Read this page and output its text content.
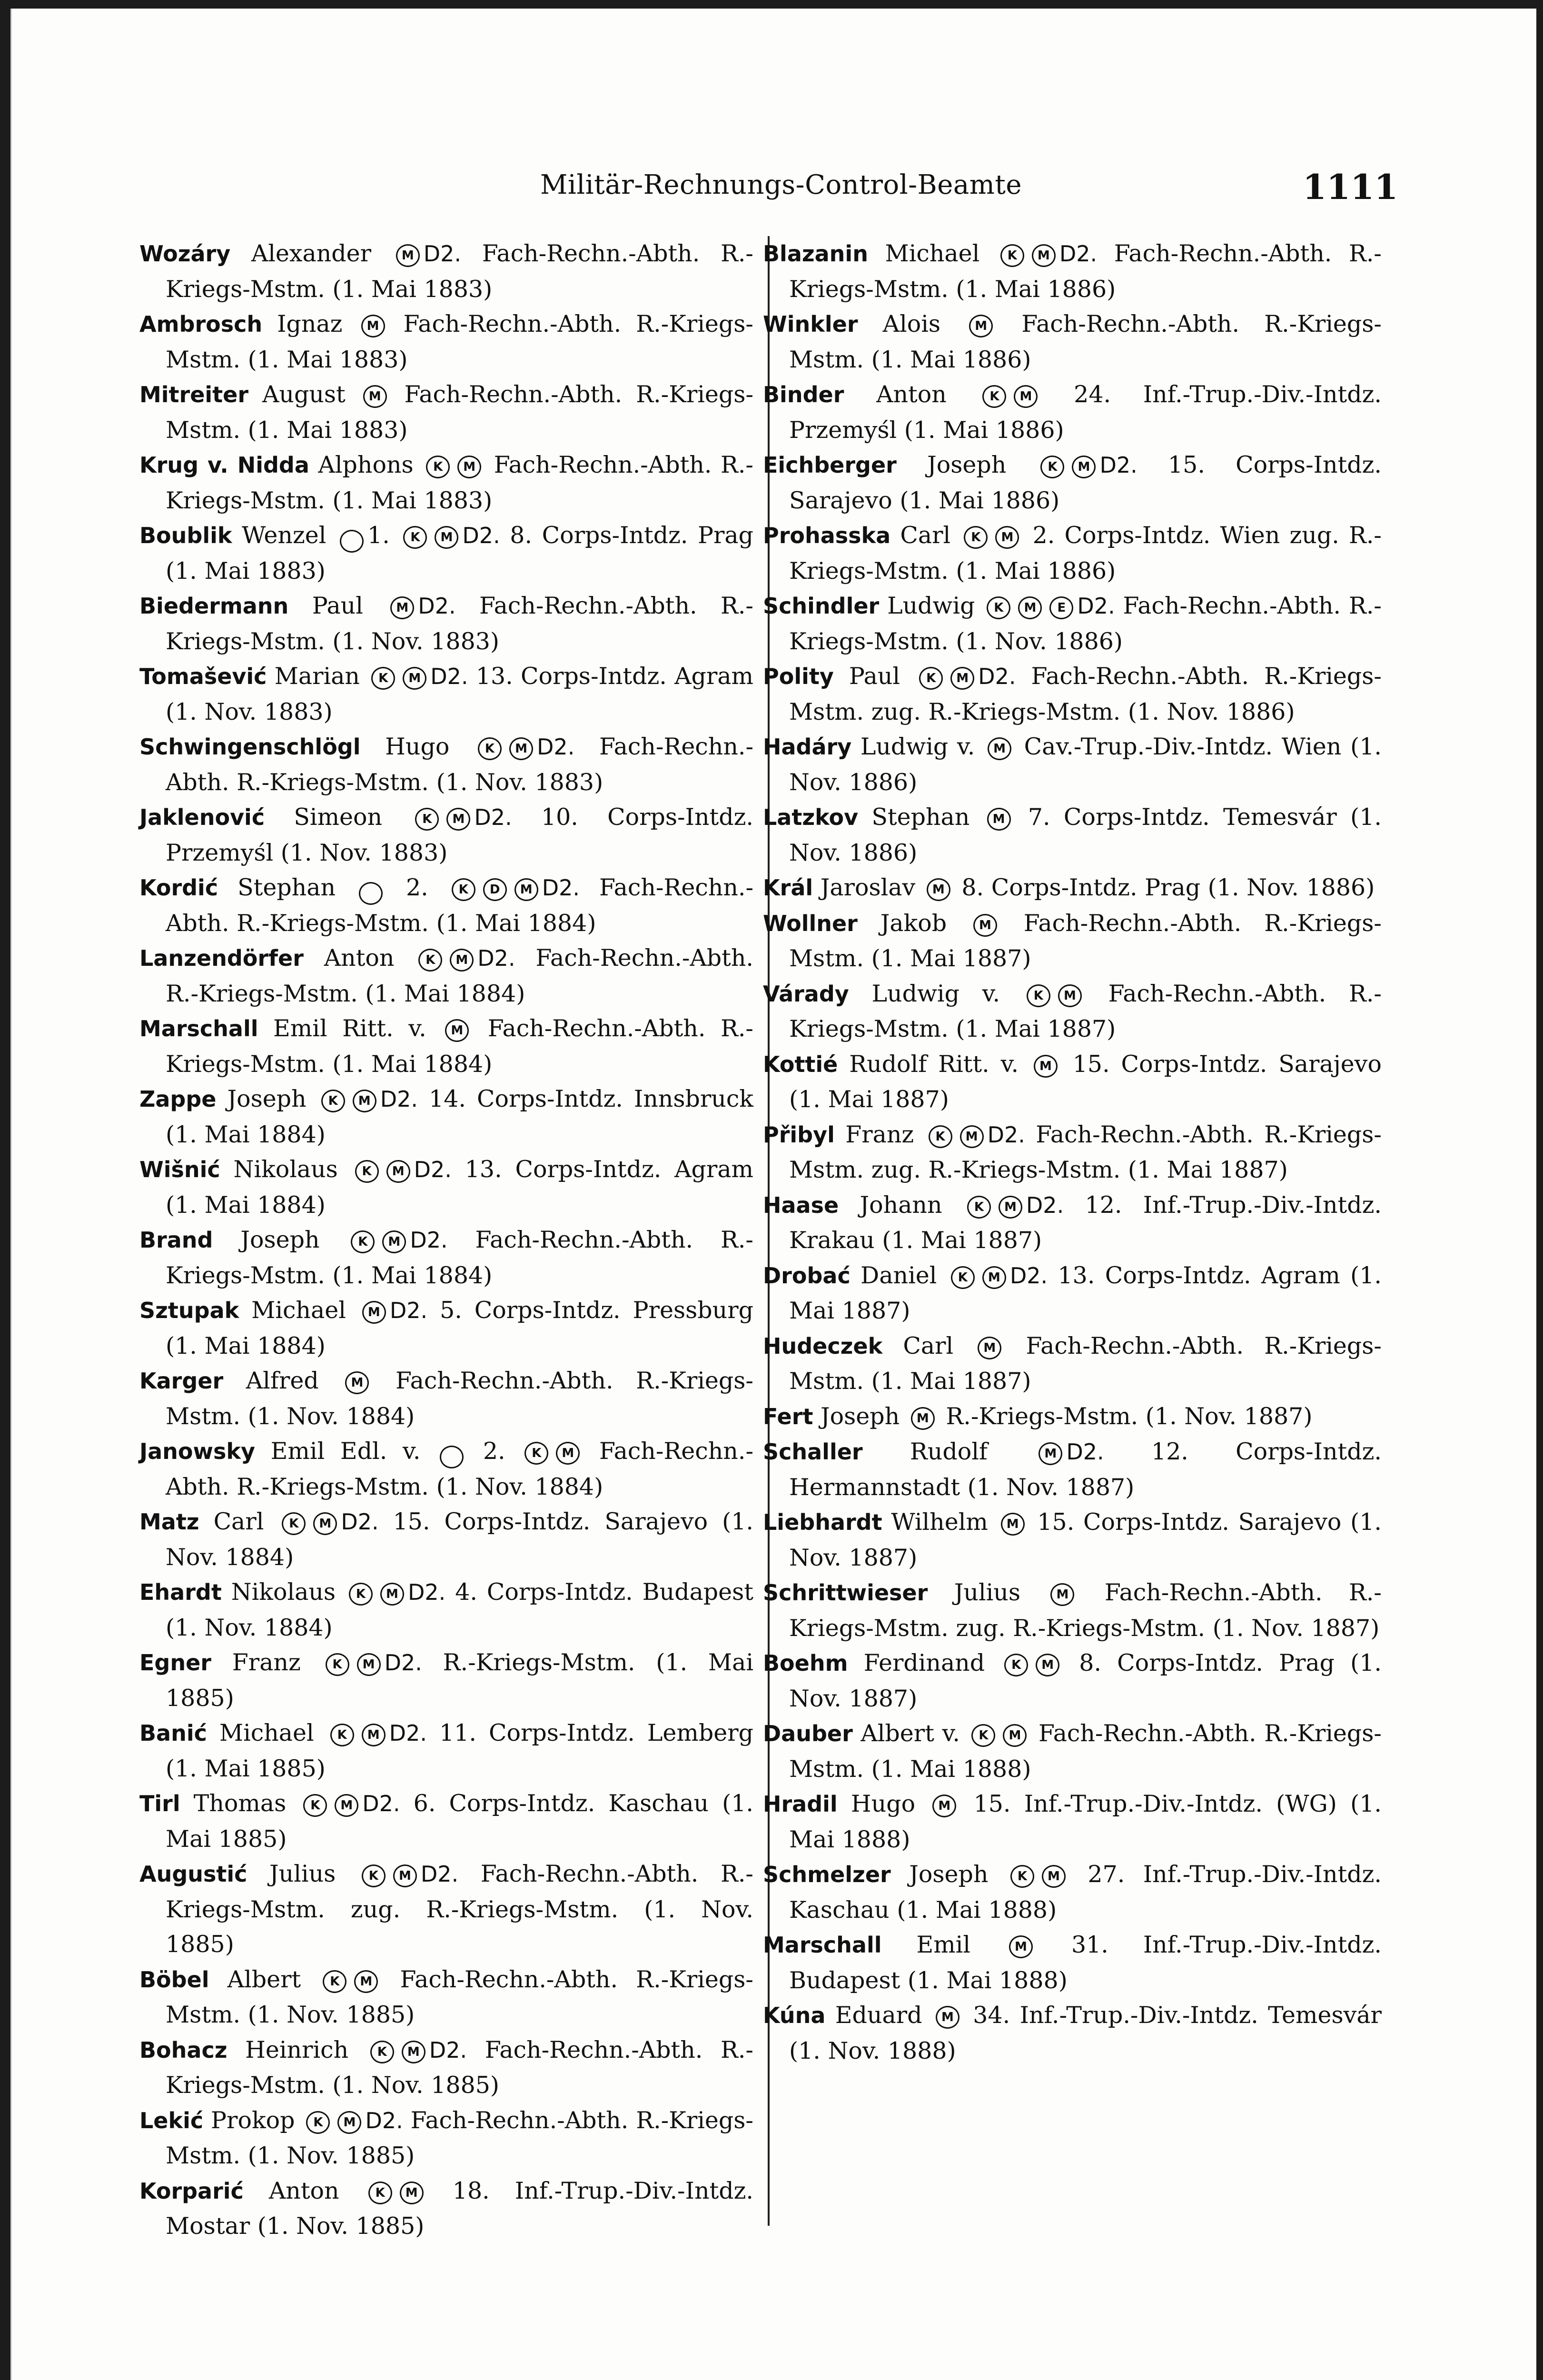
Militär-Rechnungs-Control-Beamte	1111
Wozáry Alexander M D2. Fach-Rechn.-Abth. R.-Kriegs-Mstm. (1. Mai 1883)
Ambrosch Ignaz M Fach-Rechn.-Abth. R.-Kriegs-Mstm. (1. Mai 1883)
Mitreiter August M Fach-Rechn.-Abth. R.-Kriegs-Mstm. (1. Mai 1883)
Krug v. Nidda Alphons K M Fach-Rechn.-Abth. R.-Kriegs-Mstm. (1. Mai 1883)
Boublik Wenzel 1. K M D2. 8. Corps-Intdz. Prag (1. Mai 1883)
Biedermann Paul M D2. Fach-Rechn.-Abth. R.-Kriegs-Mstm. (1. Nov. 1883)
Tomašević Marian K M D2. 13. Corps-Intdz. Agram (1. Nov. 1883)
Schwingenschlögl Hugo K M D2. Fach-Rechn.-Abth. R.-Kriegs-Mstm. (1. Nov. 1883)
Jaklenović Simeon K M D2. 10. Corps-Intdz. Przemyśl (1. Nov. 1883)
Kordić Stephan  2. K D M D2. Fach-Rechn.-Abth. R.-Kriegs-Mstm. (1. Mai 1884)
Lanzendörfer Anton K M D2. Fach-Rechn.-Abth. R.-Kriegs-Mstm. (1. Mai 1884)
Marschall Emil Ritt. v. M Fach-Rechn.-Abth. R.-Kriegs-Mstm. (1. Mai 1884)
Zappe Joseph K M D2. 14. Corps-Intdz. Innsbruck (1. Mai 1884)
Wišnić Nikolaus K M D2. 13. Corps-Intdz. Agram (1. Mai 1884)
Brand Joseph K M D2. Fach-Rechn.-Abth. R.-Kriegs-Mstm. (1. Mai 1884)
Sztupak Michael M D2. 5. Corps-Intdz. Pressburg (1. Mai 1884)
Karger Alfred M Fach-Rechn.-Abth. R.-Kriegs-Mstm. (1. Nov. 1884)
Janowsky Emil Edl. v.  2. K M Fach-Rechn.-Abth. R.-Kriegs-Mstm. (1. Nov. 1884)
Matz Carl K M D2. 15. Corps-Intdz. Sarajevo (1. Nov. 1884)
Ehardt Nikolaus K M D2. 4. Corps-Intdz. Budapest (1. Nov. 1884)
Egner Franz K M D2. R.-Kriegs-Mstm. (1. Mai 1885)
Banić Michael K M D2. 11. Corps-Intdz. Lemberg (1. Mai 1885)
Tirl Thomas K M D2. 6. Corps-Intdz. Kaschau (1. Mai 1885)
Augustić Julius K M D2. Fach-Rechn.-Abth. R.-Kriegs-Mstm. zug. R.-Kriegs-Mstm. (1. Nov. 1885)
Böbel Albert K M Fach-Rechn.-Abth. R.-Kriegs-Mstm. (1. Nov. 1885)
Bohacz Heinrich K M D2. Fach-Rechn.-Abth. R.-Kriegs-Mstm. (1. Nov. 1885)
Lekić Prokop K M D2. Fach-Rechn.-Abth. R.-Kriegs-Mstm. (1. Nov. 1885)
Korparić Anton K M 18. Inf.-Trup.-Div.-Intdz. Mostar (1. Nov. 1885)
Blazanin Michael K M D2. Fach-Rechn.-Abth. R.-Kriegs-Mstm. (1. Mai 1886)
Winkler Alois M Fach-Rechn.-Abth. R.-Kriegs-Mstm. (1. Mai 1886)
Binder Anton K M 24. Inf.-Trup.-Div.-Intdz. Przemyśl (1. Mai 1886)
Eichberger Joseph K M D2. 15. Corps-Intdz. Sarajevo (1. Mai 1886)
Prohasska Carl K M 2. Corps-Intdz. Wien zug. R.-Kriegs-Mstm. (1. Mai 1886)
Schindler Ludwig K M E D2. Fach-Rechn.-Abth. R.-Kriegs-Mstm. (1. Nov. 1886)
Polity Paul K M D2. Fach-Rechn.-Abth. R.-Kriegs-Mstm. zug. R.-Kriegs-Mstm. (1. Nov. 1886)
Hadáry Ludwig v. M Cav.-Trup.-Div.-Intdz. Wien (1. Nov. 1886)
Latzkov Stephan M 7. Corps-Intdz. Temesvár (1. Nov. 1886)
Král Jaroslav M 8. Corps-Intdz. Prag (1. Nov. 1886)
Wollner Jakob M Fach-Rechn.-Abth. R.-Kriegs-Mstm. (1. Mai 1887)
Várady Ludwig v. K M Fach-Rechn.-Abth. R.-Kriegs-Mstm. (1. Mai 1887)
Kottié Rudolf Ritt. v. M 15. Corps-Intdz. Sarajevo (1. Mai 1887)
Přibyl Franz K M D2. Fach-Rechn.-Abth. R.-Kriegs-Mstm. zug. R.-Kriegs-Mstm. (1. Mai 1887)
Haase Johann K M D2. 12. Inf.-Trup.-Div.-Intdz. Krakau (1. Mai 1887)
Drobać Daniel K M D2. 13. Corps-Intdz. Agram (1. Mai 1887)
Hudeczek Carl M Fach-Rechn.-Abth. R.-Kriegs-Mstm. (1. Mai 1887)
Fert Joseph M R.-Kriegs-Mstm. (1. Nov. 1887)
Schaller Rudolf M D2. 12. Corps-Intdz. Hermannstadt (1. Nov. 1887)
Liebhardt Wilhelm M 15. Corps-Intdz. Sarajevo (1. Nov. 1887)
Schrittwieser Julius M Fach-Rechn.-Abth. R.-Kriegs-Mstm. zug. R.-Kriegs-Mstm. (1. Nov. 1887)
Boehm Ferdinand K M 8. Corps-Intdz. Prag (1. Nov. 1887)
Dauber Albert v. K M Fach-Rechn.-Abth. R.-Kriegs-Mstm. (1. Mai 1888)
Hradil Hugo M 15. Inf.-Trup.-Div.-Intdz. (WG) (1. Mai 1888)
Schmelzer Joseph K M 27. Inf.-Trup.-Div.-Intdz. Kaschau (1. Mai 1888)
Marschall Emil M 31. Inf.-Trup.-Div.-Intdz. Budapest (1. Mai 1888)
Kúna Eduard M 34. Inf.-Trup.-Div.-Intdz. Temesvár (1. Nov. 1888)
